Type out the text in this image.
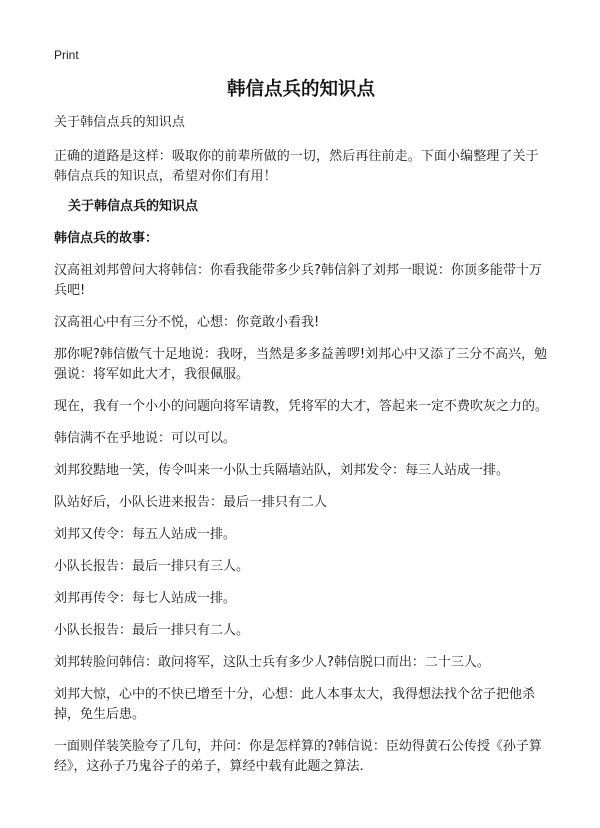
Print
韩信点兵的知识点

关于韩信点兵的知识点

正确的道路是这样：吸取你的前辈所做的一切，然后再往前走。下面小编整理了关于韩信点兵的知识点，希望对你们有用！

关于韩信点兵的知识点
韩信点兵的故事：

汉高祖刘邦曾问大将韩信：你看我能带多少兵?韩信斜了刘邦一眼说：你顶多能带十万兵吧!

汉高祖心中有三分不悦，心想：你竟敢小看我!

那你呢?韩信傲气十足地说：我呀，当然是多多益善啰!刘邦心中又添了三分不高兴，勉强说：将军如此大才，我很佩服。

现在，我有一个小小的问题向将军请教，凭将军的大才，答起来一定不费吹灰之力的。

韩信满不在乎地说：可以可以。

刘邦狡黠地一笑，传令叫来一小队士兵隔墙站队，刘邦发令：每三人站成一排。

队站好后，小队长进来报告：最后一排只有二人

刘邦又传令：每五人站成一排。

小队长报告：最后一排只有三人。

刘邦再传令：每七人站成一排。

小队长报告：最后一排只有二人。

刘邦转脸问韩信：敢问将军，这队士兵有多少人?韩信脱口而出：二十三人。

刘邦大惊，心中的不快已增至十分，心想：此人本事太大，我得想法找个岔子把他杀掉，免生后患。

一面则佯装笑脸夸了几句，并问：你是怎样算的?韩信说：臣幼得黄石公传授《孙子算经》，这孙子乃鬼谷子的弟子，算经中载有此题之算法.
